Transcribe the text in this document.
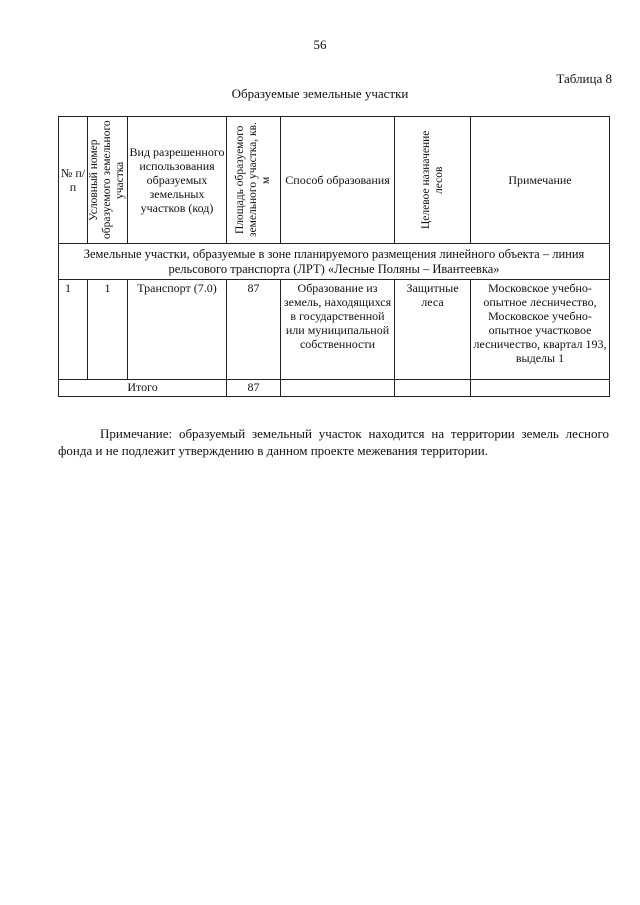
56
Таблица 8
Образуемые земельные участки
№ п/п	Условный номер образуемого земельного участка	Вид разрешенного использования образуемых земельных участков (код)	Площадь образуемого земельного участка, кв. м	Способ образования	Целевое назначение лесов	Примечание
Земельные участки, образуемые в зоне планируемого размещения линейного объекта – линия рельсового транспорта (ЛРТ) «Лесные Поляны – Ивантеевка»						
1	1	Транспорт (7.0)	87	Образование из земель, находящихся в государственной или муниципальной собственности	Защитные леса	Московское учебно-опытное лесничество, Московское учебно-опытное участковое лесничество, квартал 193, выделы 1
Итого			87			

Примечание: образуемый земельный участок находится на территории земель лесного фонда и не подлежит утверждению в данном проекте межевания территории.
